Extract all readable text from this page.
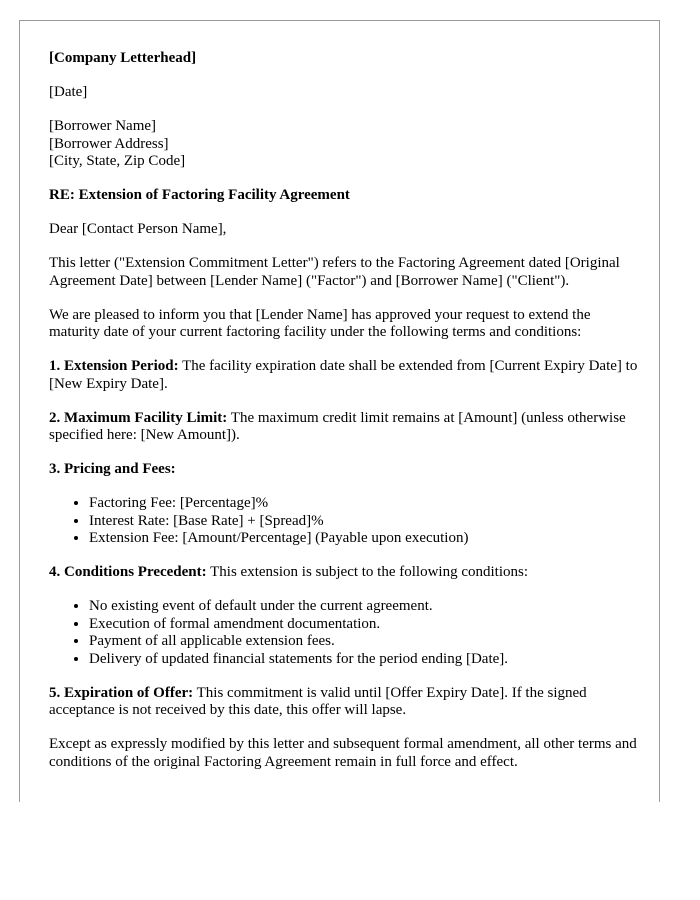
[Company Letterhead]

[Date]

[Borrower Name]
[Borrower Address]
[City, State, Zip Code]

RE: Extension of Factoring Facility Agreement

Dear [Contact Person Name],

This letter ("Extension Commitment Letter") refers to the Factoring Agreement dated [Original Agreement Date] between [Lender Name] ("Factor") and [Borrower Name] ("Client").

We are pleased to inform you that [Lender Name] has approved your request to extend the maturity date of your current factoring facility under the following terms and conditions:

1. Extension Period: The facility expiration date shall be extended from [Current Expiry Date] to [New Expiry Date].

2. Maximum Facility Limit: The maximum credit limit remains at [Amount] (unless otherwise specified here: [New Amount]).

3. Pricing and Fees:

• Factoring Fee: [Percentage]%
• Interest Rate: [Base Rate] + [Spread]%
• Extension Fee: [Amount/Percentage] (Payable upon execution)

4. Conditions Precedent: This extension is subject to the following conditions:

• No existing event of default under the current agreement.
• Execution of formal amendment documentation.
• Payment of all applicable extension fees.
• Delivery of updated financial statements for the period ending [Date].

5. Expiration of Offer: This commitment is valid until [Offer Expiry Date]. If the signed acceptance is not received by this date, this offer will lapse.

Except as expressly modified by this letter and subsequent formal amendment, all other terms and conditions of the original Factoring Agreement remain in full force and effect.
